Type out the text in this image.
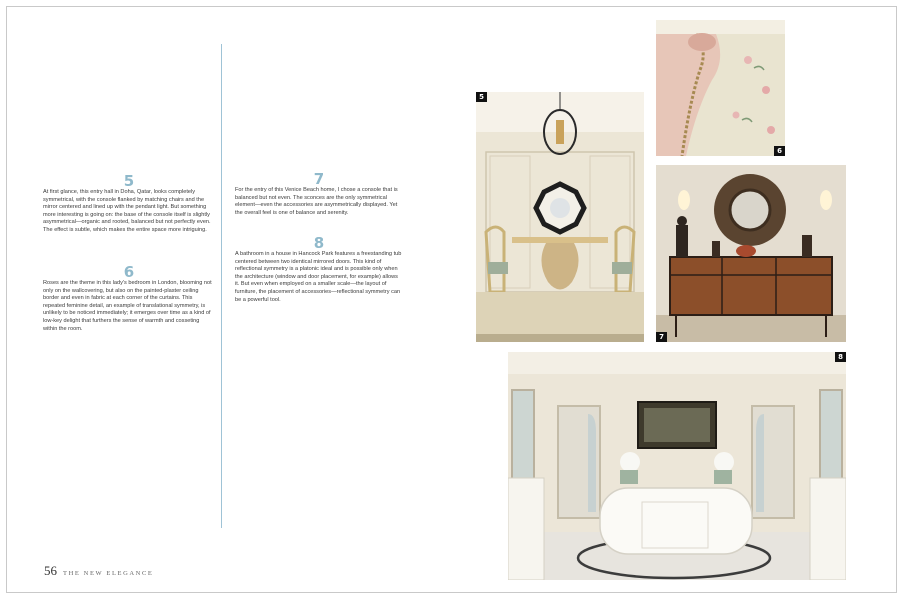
5

At first glance, this entry hall in Doha, Qatar, looks completely symmetrical, with the console flanked by matching chairs and the mirror centered and lined up with the pendant light. But something more interesting is going on: the base of the console itself is slightly asymmetrical—organic and rooted, balanced but not perfectly even. The effect is subtle, which makes the entire space more intriguing.

6

Roses are the theme in this lady's bedroom in London, blooming not only on the wallcovering, but also on the painted-plaster ceiling border and even in fabric at each corner of the curtains. This repeated feminine detail, an example of translational symmetry, is unlikely to be noticed immediately; it emerges over time as a kind of low-key delight that furthers the sense of warmth and cosseting within the room.

7

For the entry of this Venice Beach home, I chose a console that is balanced but not even. The sconces are the only symmetrical element—even the accessories are asymmetrically displayed. Yet the overall feel is one of balance and serenity.

8

A bathroom in a house in Hancock Park features a freestanding tub centered between two identical mirrored doors. This kind of reflectional symmetry is a platonic ideal and is possible only when the architecture (window and door placement, for example) allows it. But even when employed on a smaller scale—the layout of furniture, the placement of accessories—reflectional symmetry can be a powerful tool.

56 THE NEW ELEGANCE
5
6
7
8
